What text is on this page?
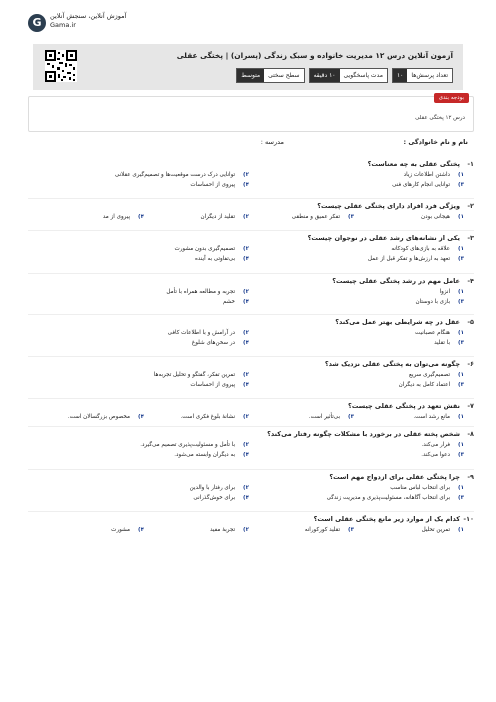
G	آموزش آنلاین، سنجش آنلاین
Gama.ir
آزمون آنلاین درس ۱۲ مدیریت خانواده و سبک زندگی (پسران) | پختگی عقلی
تعداد پرسش‌ها
۱۰
مدت پاسخگویی
۱۰ دقیقه
سطح سختی
متوسط
بودجه بندی
درس ۱۲ پختگی عقلی
نام و نام خانوادگی :
مدرسه :
۱-
پختگی عقلی به چه معناست؟
۱)داشتن اطلاعات زیاد
۲)توانایی درک درست موقعیت‌ها و تصمیم‌گیری عقلانی
۳)توانایی انجام کارهای فنی
۴)پیروی از احساسات
۲-
ویژگی فرد افراد دارای پختگی عقلی چیست؟
۱)هیجانی بودن
۲)تقلید از دیگران	۳)تفکر عمیق و منطقی
۴)پیروی از مد
۳-
یکی از نشانه‌های رشد عقلی در نوجوان چیست؟
۱)علاقه به بازی‌های کودکانه
۲)تصمیم‌گیری بدون مشورت
۳)تعهد به ارزش‌ها و تفکر قبل از عمل
۴)بی‌تفاوتی به آینده
۴-
عامل مهم در رشد پختگی عقلی چیست؟
۱)انزوا
۲)تجربه و مطالعه همراه با تأمل
۳)بازی با دوستان
۴)خشم
۵-
عقل در چه شرایطی بهتر عمل می‌کند؟
۱)هنگام عصبانیت
۲)در آرامش و با اطلاعات کافی
۳)با تقلید
۴)در سخن‌های شلوغ
۶-
چگونه می‌توان به پختگی عقلی نزدیک شد؟
۱)تصمیم‌گیری سریع
۲)تمرین تفکر، گفتگو و تحلیل تجربه‌ها
۳)اعتماد کامل به دیگران
۴)پیروی از احساسات
۷-
نقش تعهد در پختگی عقلی چیست؟
۱)مانع رشد است.
۲)نشانهٔ بلوغ فکری است.	۳)بی‌تأثیر است.
۴)مخصوص بزرگسالان است.
۸-
شخص پخته عقلی در برخورد با مشکلات چگونه رفتار می‌کند؟
۱)فرار می‌کند.
۲)با تأمل و مسئولیت‌پذیری تصمیم می‌گیرد.
۳)دعوا می‌کند.
۴)به دیگران وابسته می‌شود.
۹-
چرا پختگی عقلی برای ازدواج مهم است؟
۱)برای انتخاب لباس مناسب
۲)برای رفتار با والدین
۳)برای انتخاب آگاهانه، مسئولیت‌پذیری و مدیریت زندگی
۴)برای خوش‌گذرانی
۱۰-
کدام یک از موارد زیر مانع پختگی عقلی است؟
۱)تمرین تحلیل
۲)تجربهٔ مفید	۳)تقلید کورکورانه
۴)مشورت
